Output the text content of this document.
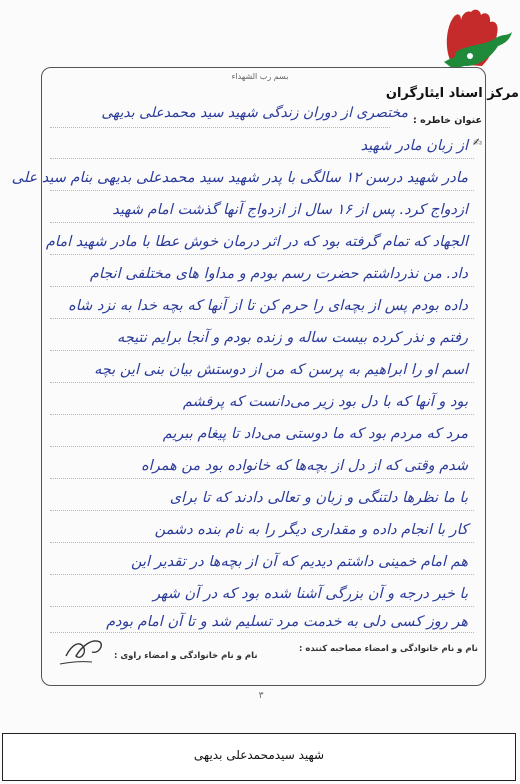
مرکز اسناد ایثارگران
بسم رب الشهداء
عنوان خاطره :
مختصری از دوران زندگی شهید سید محمدعلی بدیهی
✍
از زبان مادر شهید
مادر شهید درسن ۱۲ سالگی با پدر شهید سید محمدعلی بدیهی بنام سید علی
ازدواج کرد. پس از ۱۶ سال از ازدواج آنها گذشت امام شهید
الجهاد که تمام گرفته بود که در اثر درمان خوش عطا با مادر شهید امام
داد. من نذرداشتم حضرت رسم بودم و مداوا های مختلفی انجام
داده بودم پس از بچه‌ای را حرم کن تا از آنها که بچه خدا به نزد شاه
رفتم و نذر کرده بیست ساله و زنده بودم و آنجا برایم نتیجه
اسم او را ابراهیم به پرسن که من از دوستش بیان بنی این بچه
بود و آنها که با دل بود زیر می‌دانست که پرفشم
مرد که مردم بود که ما دوستی می‌داد تا پیغام ببریم
شدم وقتی که از دل از بچه‌ها که خانواده بود من همراه
با ما نظرها دلتنگی و زبان و تعالی دادند که تا برای
کار با انجام داده و مقداری دیگر را به نام بنده دشمن
هم امام خمینی داشتم دیدیم که آن از بچه‌ها در تقدیر این
با خیر درجه و آن بزرگی آشنا شده بود که در آن شهر
هر روز کسی دلی به خدمت مرد تسلیم شد و تا آن امام بودم
نام و نام خانوادگی و امضاء مصاحبه کننده :
نام و نام خانوادگی و امضاء راوی :
۳
شهید سیدمحمدعلی بدیهی
